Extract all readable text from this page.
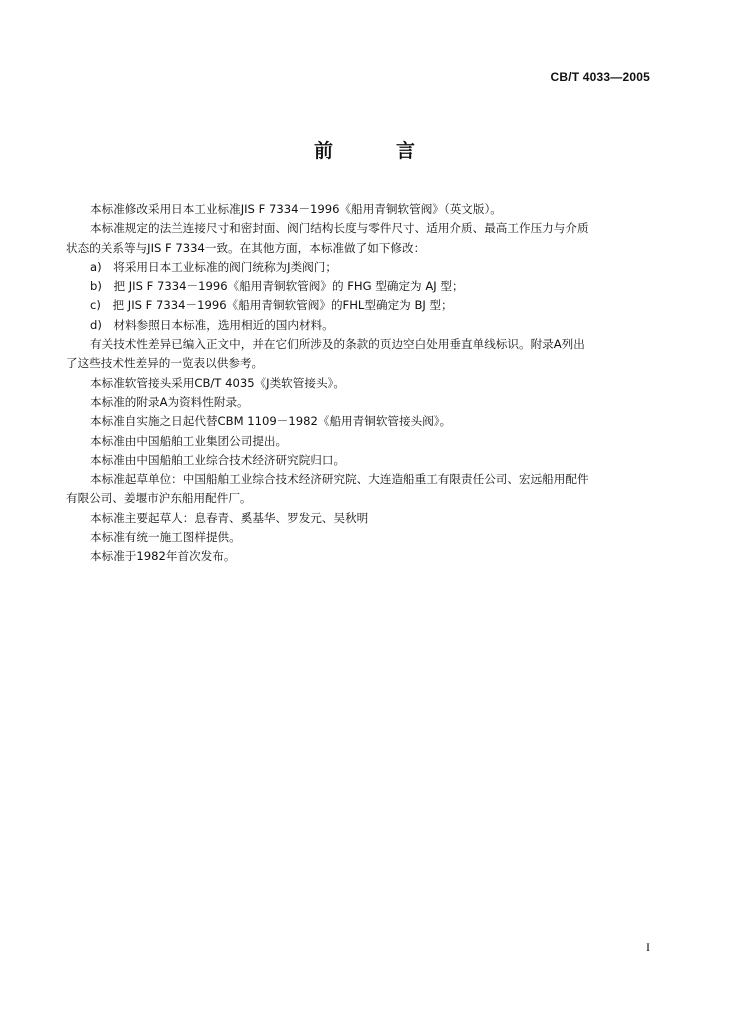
CB/T 4033—2005
前　言

本标准修改采用日本工业标准JIS F 7334－1996《船用青铜软管阀》（英文版）。

本标准规定的法兰连接尺寸和密封面、阀门结构长度与零件尺寸、适用介质、最高工作压力与介质

状态的关系等与JIS F 7334一致。在其他方面，本标准做了如下修改：

a)　将采用日本工业标准的阀门统称为J类阀门；

b)　把 JIS F 7334－1996《船用青铜软管阀》的 FHG 型确定为 AJ 型；

c)　把 JIS F 7334－1996《船用青铜软管阀》的FHL型确定为 BJ 型；

d)　材料参照日本标准，选用相近的国内材料。

有关技术性差异已编入正文中，并在它们所涉及的条款的页边空白处用垂直单线标识。附录A列出

了这些技术性差异的一览表以供参考。

本标准软管接头采用CB/T 4035《J类软管接头》。

本标准的附录A为资料性附录。

本标准自实施之日起代替CBM 1109－1982《船用青铜软管接头阀》。

本标准由中国船舶工业集团公司提出。

本标准由中国船舶工业综合技术经济研究院归口。

本标准起草单位：中国船舶工业综合技术经济研究院、大连造船重工有限责任公司、宏远船用配件

有限公司、姜堰市沪东船用配件厂。

本标准主要起草人：息春青、奚基华、罗发元、吴秋明

本标准有统一施工图样提供。

本标准于1982年首次发布。

I
